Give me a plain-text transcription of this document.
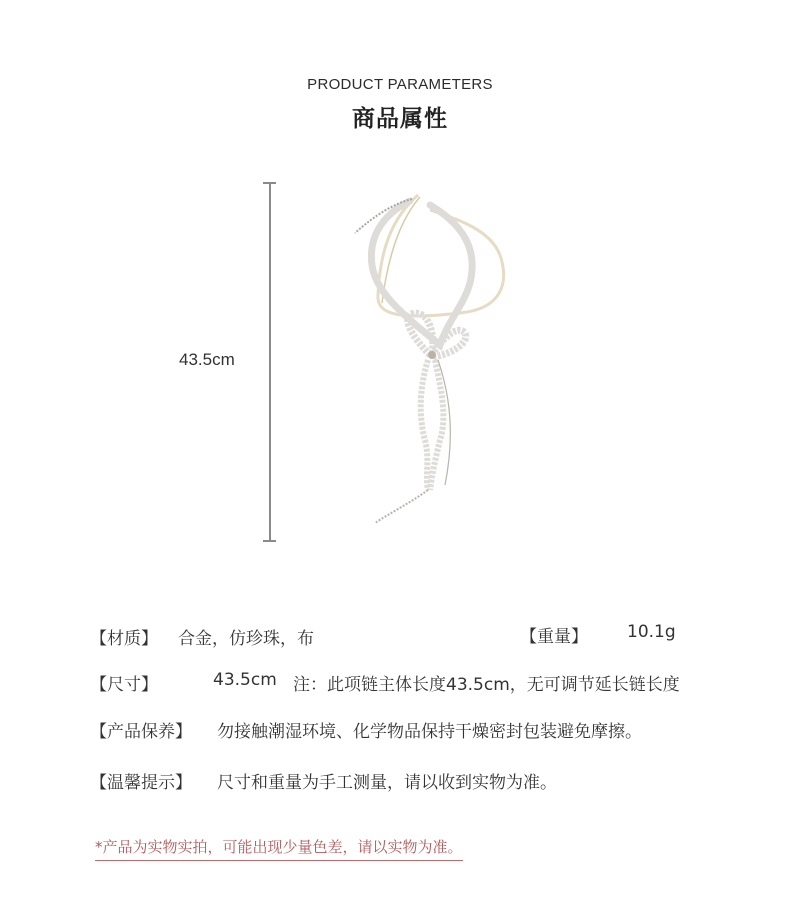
PRODUCT PARAMETERS
商品属性
43.5cm
【材质】 合金，仿珍珠，布	【重量】 10.1g
【尺寸】	43.5cm 注：此项链主体长度43.5cm，无可调节延长链长度
【产品保养】 勿接触潮湿环境、化学物品保持干燥密封包装避免摩擦。
【温馨提示】 尺寸和重量为手工测量，请以收到实物为准。
*产品为实物实拍，可能出现少量色差，请以实物为准。
